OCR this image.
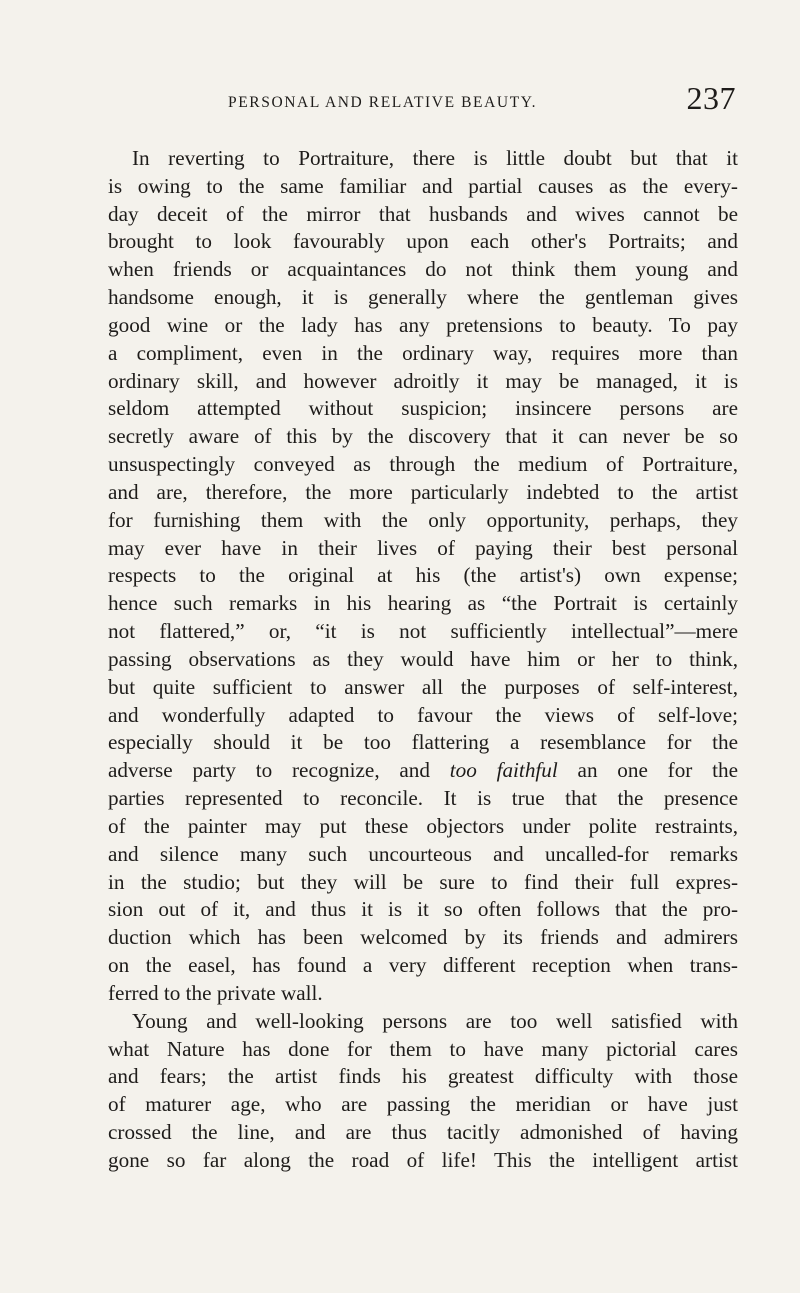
PERSONAL AND RELATIVE BEAUTY.	237
In reverting to Portraiture, there is little doubt but that it
is owing to the same familiar and partial causes as the every-
day deceit of the mirror that husbands and wives cannot be
brought to look favourably upon each other's Portraits; and
when friends or acquaintances do not think them young and
handsome enough, it is generally where the gentleman gives
good wine or the lady has any pretensions to beauty. To pay
a compliment, even in the ordinary way, requires more than
ordinary skill, and however adroitly it may be managed, it is
seldom attempted without suspicion; insincere persons are
secretly aware of this by the discovery that it can never be so
unsuspectingly conveyed as through the medium of Portraiture,
and are, therefore, the more particularly indebted to the artist
for furnishing them with the only opportunity, perhaps, they
may ever have in their lives of paying their best personal
respects to the original at his (the artist's) own expense;
hence such remarks in his hearing as “the Portrait is certainly
not flattered,” or, “it is not sufficiently intellectual”—mere
passing observations as they would have him or her to think,
but quite sufficient to answer all the purposes of self-interest,
and wonderfully adapted to favour the views of self-love;
especially should it be too flattering a resemblance for the
adverse party to recognize, and too faithful an one for the
parties represented to reconcile. It is true that the presence
of the painter may put these objectors under polite restraints,
and silence many such uncourteous and uncalled-for remarks
in the studio; but they will be sure to find their full expres-
sion out of it, and thus it is it so often follows that the pro-
duction which has been welcomed by its friends and admirers
on the easel, has found a very different reception when trans-
ferred to the private wall.
Young and well-looking persons are too well satisfied with
what Nature has done for them to have many pictorial cares
and fears; the artist finds his greatest difficulty with those
of maturer age, who are passing the meridian or have just
crossed the line, and are thus tacitly admonished of having
gone so far along the road of life! This the intelligent artist
